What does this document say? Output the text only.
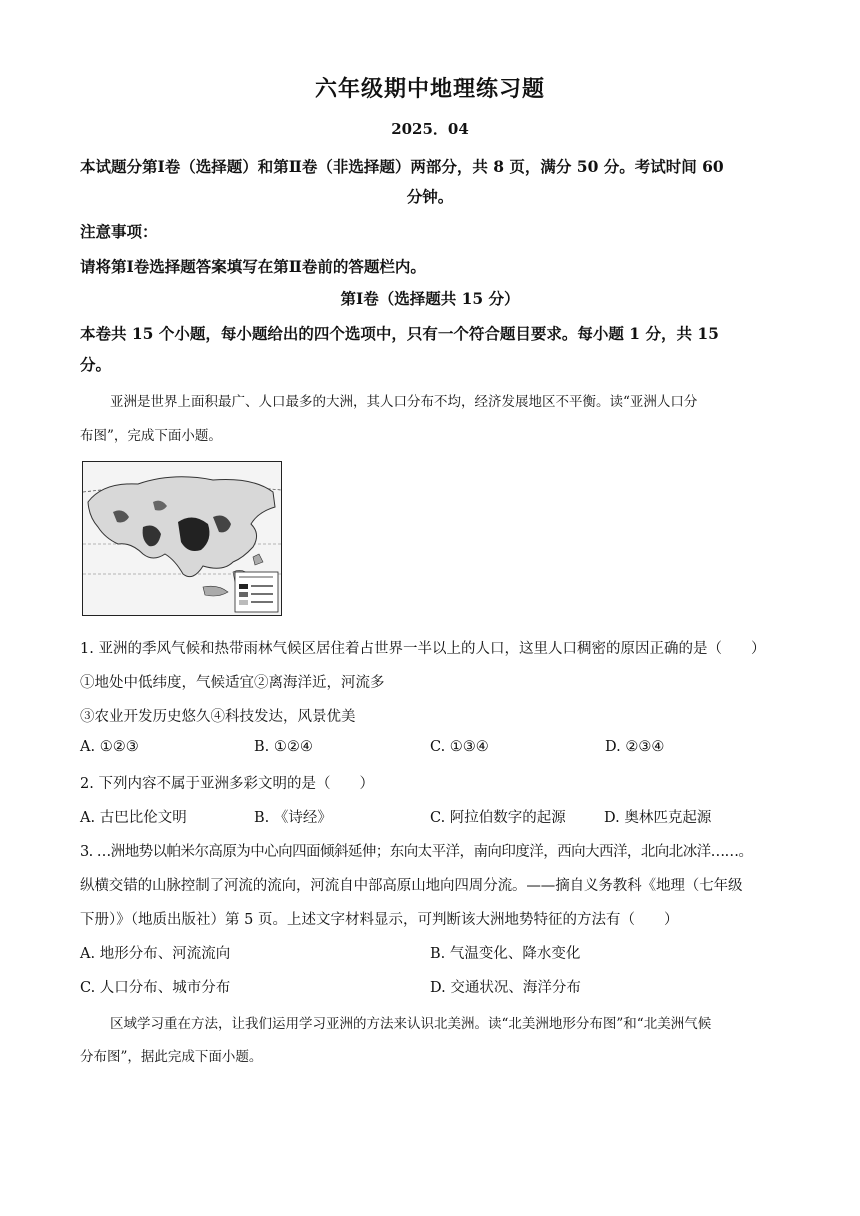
六年级期中地理练习题
2025．04
本试题分第Ⅰ卷（选择题）和第Ⅱ卷（非选择题）两部分，共 8 页，满分 50 分。考试时间 60
分钟。
注意事项：
请将第Ⅰ卷选择题答案填写在第Ⅱ卷前的答题栏内。
第Ⅰ卷（选择题共 15 分）
本卷共 15 个小题，每小题给出的四个选项中，只有一个符合题目要求。每小题 1 分，共 15
分。
亚洲是世界上面积最广、人口最多的大洲，其人口分布不均，经济发展地区不平衡。读“亚洲人口分
布图”，完成下面小题。
1. 亚洲的季风气候和热带雨林气候区居住着占世界一半以上的人口，这里人口稠密的原因正确的是（　　）
①地处中低纬度，气候适宜②离海洋近，河流多
③农业开发历史悠久④科技发达，风景优美
A. ①②③	B. ①②④	C. ①③④	D. ②③④
2. 下列内容不属于亚洲多彩文明的是（　　）
A. 古巴比伦文明	B. 《诗经》	C. 阿拉伯数字的起源	D. 奥林匹克起源
3. …洲地势以帕米尔高原为中心向四面倾斜延伸；东向太平洋，南向印度洋，西向大西洋，北向北冰洋……。
纵横交错的山脉控制了河流的流向，河流自中部高原山地向四周分流。——摘自义务教科《地理（七年级
下册）》（地质出版社）第 5 页。上述文字材料显示，可判断该大洲地势特征的方法有（　　）
A. 地形分布、河流流向	B. 气温变化、降水变化
C. 人口分布、城市分布	D. 交通状况、海洋分布
区域学习重在方法，让我们运用学习亚洲的方法来认识北美洲。读“北美洲地形分布图”和“北美洲气候
分布图”，据此完成下面小题。
